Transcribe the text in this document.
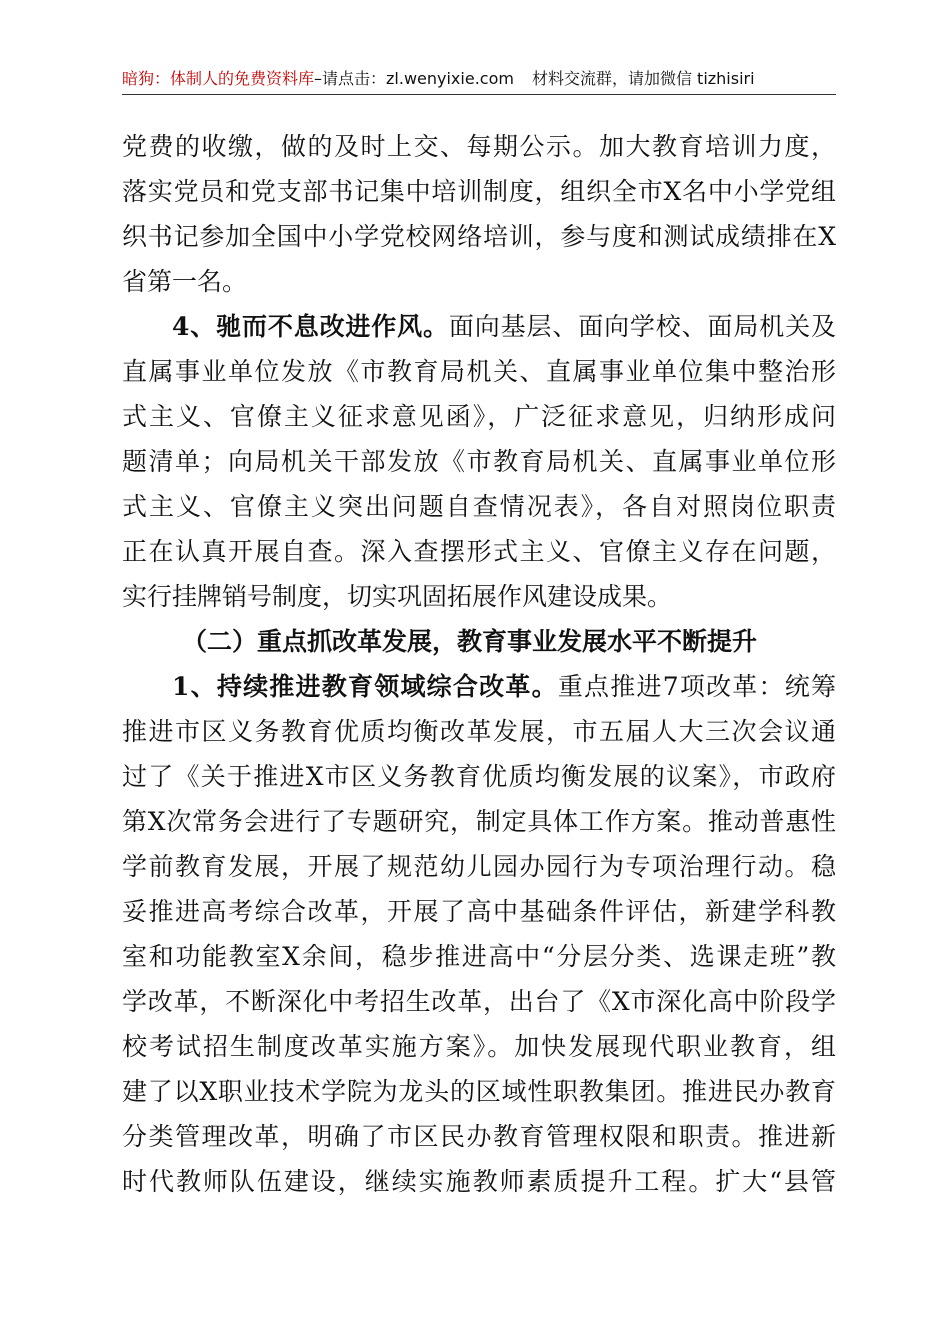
暗狗：体制人的免费资料库–请点击：zl.wenyixie.com 材料交流群，请加微信 tizhisiri
党费的收缴，做的及时上交、每期公示。加大教育培训力度，
落实党员和党支部书记集中培训制度，组织全市X名中小学党组
织书记参加全国中小学党校网络培训，参与度和测试成绩排在X
省第一名。
4、驰而不息改进作风。面向基层、面向学校、面局机关及
直属事业单位发放《市教育局机关、直属事业单位集中整治形
式主义、官僚主义征求意见函》，广泛征求意见，归纳形成问
题清单；向局机关干部发放《市教育局机关、直属事业单位形
式主义、官僚主义突出问题自查情况表》，各自对照岗位职责
正在认真开展自查。深入查摆形式主义、官僚主义存在问题，
实行挂牌销号制度，切实巩固拓展作风建设成果。
（二）重点抓改革发展，教育事业发展水平不断提升
1、持续推进教育领域综合改革。重点推进7项改革：统筹
推进市区义务教育优质均衡改革发展，市五届人大三次会议通
过了《关于推进X市区义务教育优质均衡发展的议案》，市政府
第X次常务会进行了专题研究，制定具体工作方案。推动普惠性
学前教育发展，开展了规范幼儿园办园行为专项治理行动。稳
妥推进高考综合改革，开展了高中基础条件评估，新建学科教
室和功能教室X余间，稳步推进高中“分层分类、选课走班”教
学改革，不断深化中考招生改革，出台了《X市深化高中阶段学
校考试招生制度改革实施方案》。加快发展现代职业教育，组
建了以X职业技术学院为龙头的区域性职教集团。推进民办教育
分类管理改革，明确了市区民办教育管理权限和职责。推进新
时代教师队伍建设，继续实施教师素质提升工程。扩大“县管
